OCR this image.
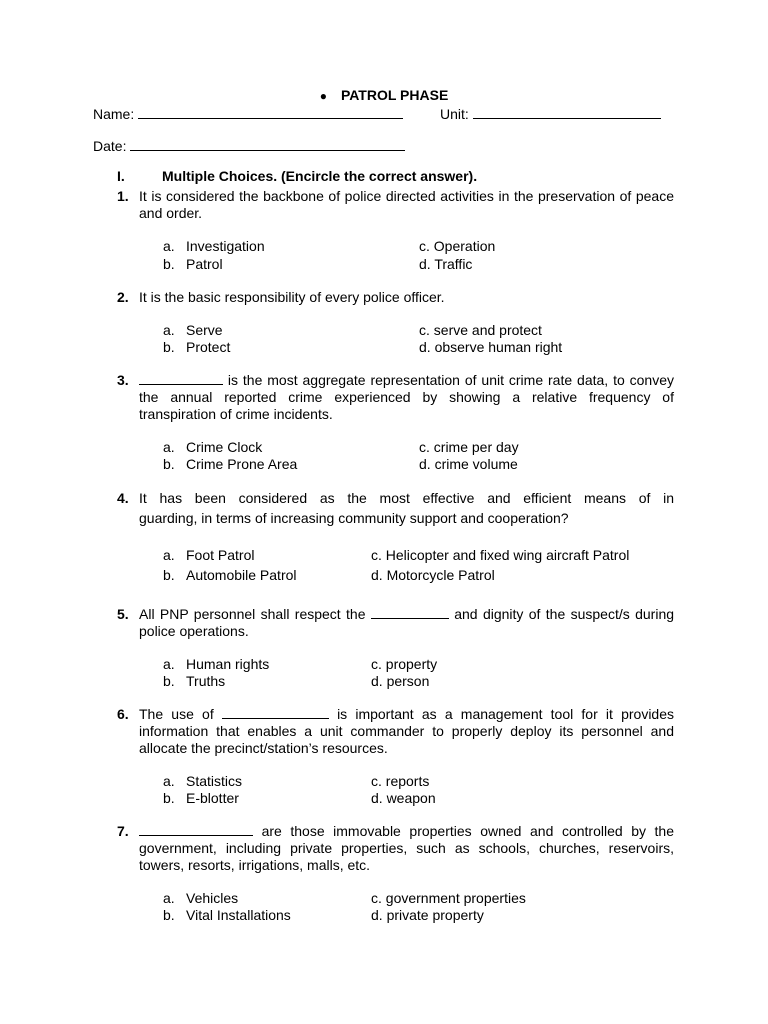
● PATROL PHASE
Name:	Unit:
Date:
I.	Multiple Choices. (Encircle the correct answer).
1. It is considered the backbone of police directed activities in the preservation of peace and order.
a. Investigation
b. Patrol
c. Operation
d. Traffic
2. It is the basic responsibility of every police officer.
a. Serve
b. Protect
c. serve and protect
d. observe human right
3.	is the most aggregate representation of unit crime rate data, to convey the annual reported crime experienced by showing a relative frequency of transpiration of crime incidents.
a. Crime Clock
b. Crime Prone Area
c. crime per day
d. crime volume
4. It has been considered as the most effective and efficient means of in
guarding, in terms of increasing community support and cooperation?
a. Foot Patrol
b. Automobile Patrol
c. Helicopter and fixed wing aircraft Patrol
d. Motorcycle Patrol
5. All PNP personnel shall respect the	and dignity of the suspect/s during police operations.
a. Human rights
b. Truths
c. property
d. person
6. The use of	is important as a management tool for it provides information that enables a unit commander to properly deploy its personnel and allocate the precinct/station’s resources.
a. Statistics
b. E-blotter
c. reports
d. weapon
7.	are those immovable properties owned and controlled by the government, including private properties, such as schools, churches, reservoirs, towers, resorts, irrigations, malls, etc.
a. Vehicles
b. Vital Installations
c. government properties
d. private property
